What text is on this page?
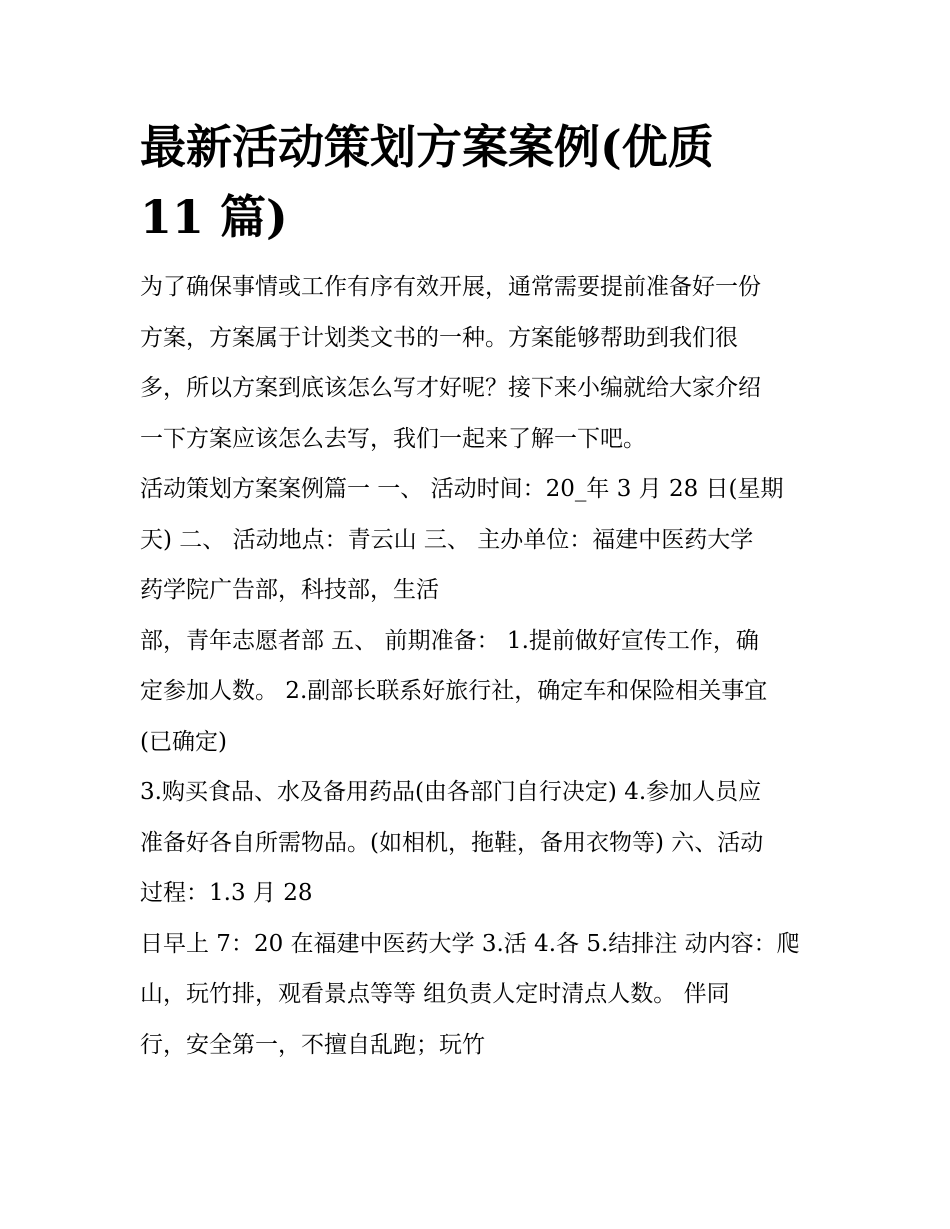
最新活动策划方案案例(优质
11 篇)
为了确保事情或工作有序有效开展，通常需要提前准备好一份
方案，方案属于计划类文书的一种。方案能够帮助到我们很
多，所以方案到底该怎么写才好呢？接下来小编就给大家介绍
一下方案应该怎么去写，我们一起来了解一下吧。
活动策划方案案例篇一 一、 活动时间：20_年 3 月 28 日(星期
天) 二、 活动地点：青云山 三、 主办单位：福建中医药大学
药学院广告部，科技部，生活
部，青年志愿者部 五、 前期准备： 1.提前做好宣传工作，确
定参加人数。 2.副部长联系好旅行社，确定车和保险相关事宜
(已确定)
3.购买食品、水及备用药品(由各部门自行决定) 4.参加人员应
准备好各自所需物品。(如相机，拖鞋，备用衣物等) 六、活动
过程：1.3 月 28
日早上 7：20 在福建中医药大学 3.活 4.各 5.结排注 动内容：爬
山，玩竹排，观看景点等等 组负责人定时清点人数。 伴同
行，安全第一，不擅自乱跑；玩竹
